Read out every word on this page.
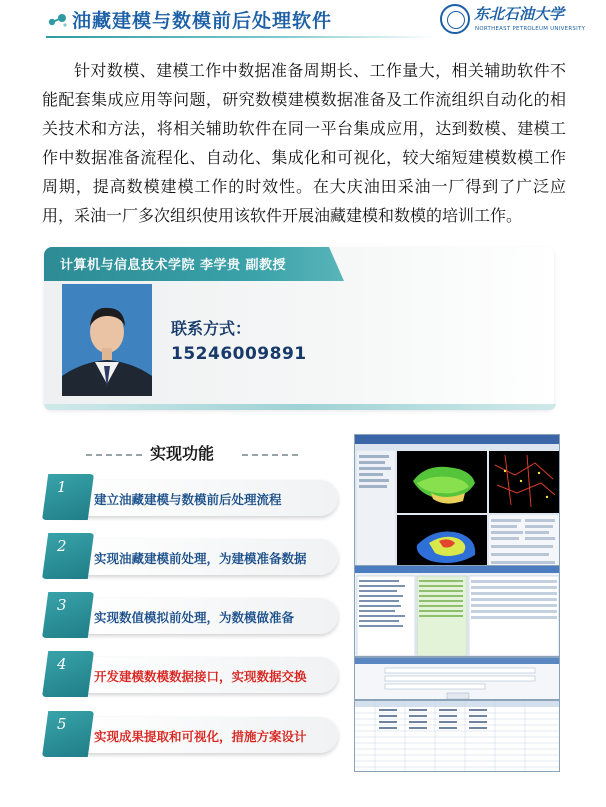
油藏建模与数模前后处理软件	东北石油大学
NORTHEAST PETROLEUM UNIVERSITY
针对数模、建模工作中数据准备周期长、工作量大，相关辅助软件不能配套集成应用等问题，研究数模建模数据准备及工作流组织自动化的相关技术和方法，将相关辅助软件在同一平台集成应用，达到数模、建模工作中数据准备流程化、自动化、集成化和可视化，较大缩短建模数模工作周期，提高数模建模工作的时效性。在大庆油田采油一厂得到了广泛应用，采油一厂多次组织使用该软件开展油藏建模和数模的培训工作。
计算机与信息技术学院 李学贵 副教授
联系方式：
15246009891
实现功能
1
建立油藏建模与数模前后处理流程
2
实现油藏建模前处理，为建模准备数据
3
实现数值模拟前处理，为数模做准备
4
开发建模数模数据接口，实现数据交换
5
实现成果提取和可视化，措施方案设计
